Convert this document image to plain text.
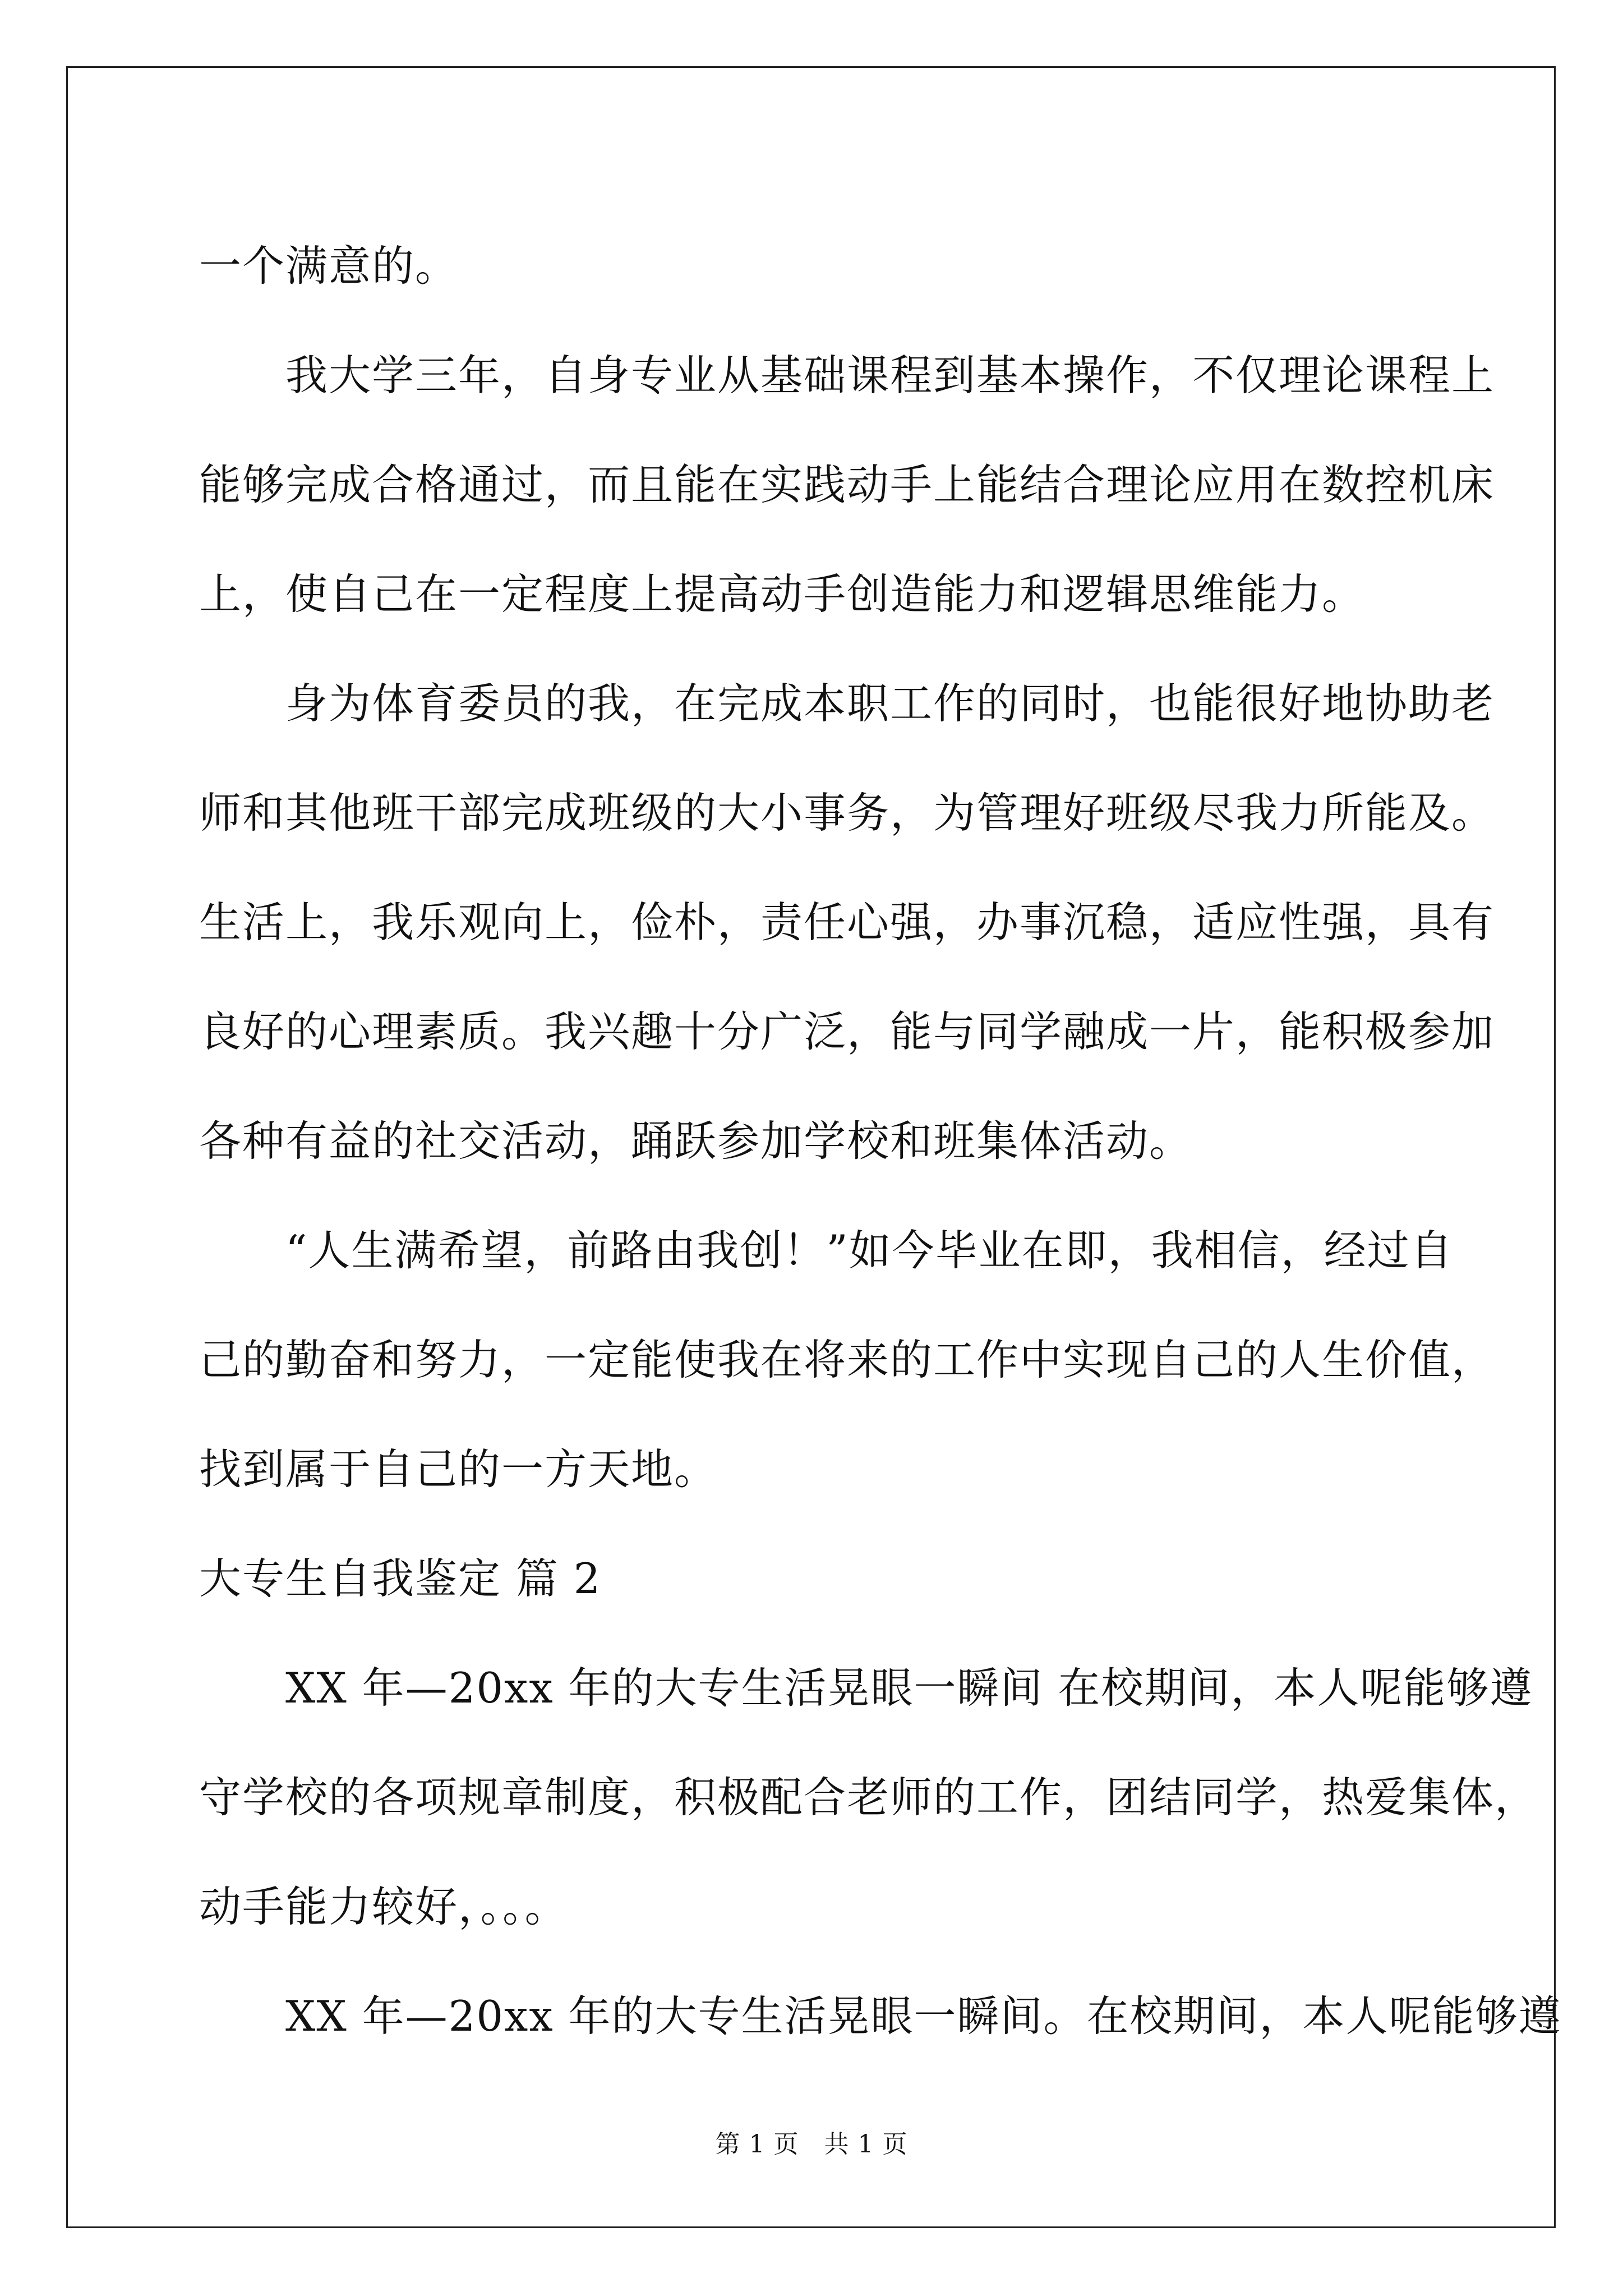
一个满意的。
　　我大学三年，自身专业从基础课程到基本操作，不仅理论课程上
能够完成合格通过，而且能在实践动手上能结合理论应用在数控机床
上，使自己在一定程度上提高动手创造能力和逻辑思维能力。
　　身为体育委员的我，在完成本职工作的同时，也能很好地协助老
师和其他班干部完成班级的大小事务，为管理好班级尽我力所能及。
生活上，我乐观向上，俭朴，责任心强，办事沉稳，适应性强，具有
良好的心理素质。我兴趣十分广泛，能与同学融成一片，能积极参加
各种有益的社交活动，踊跃参加学校和班集体活动。
　　“人生满希望，前路由我创！”如今毕业在即，我相信，经过自
己的勤奋和努力，一定能使我在将来的工作中实现自己的人生价值，
找到属于自己的一方天地。
大专生自我鉴定 篇 2
　　XX 年—20xx 年的大专生活晃眼一瞬间 在校期间，本人呢能够遵
守学校的各项规章制度，积极配合老师的工作，团结同学，热爱集体，
动手能力较好，。。。
　　XX 年—20xx 年的大专生活晃眼一瞬间。在校期间，本人呢能够遵
第 1 页　共 1 页
